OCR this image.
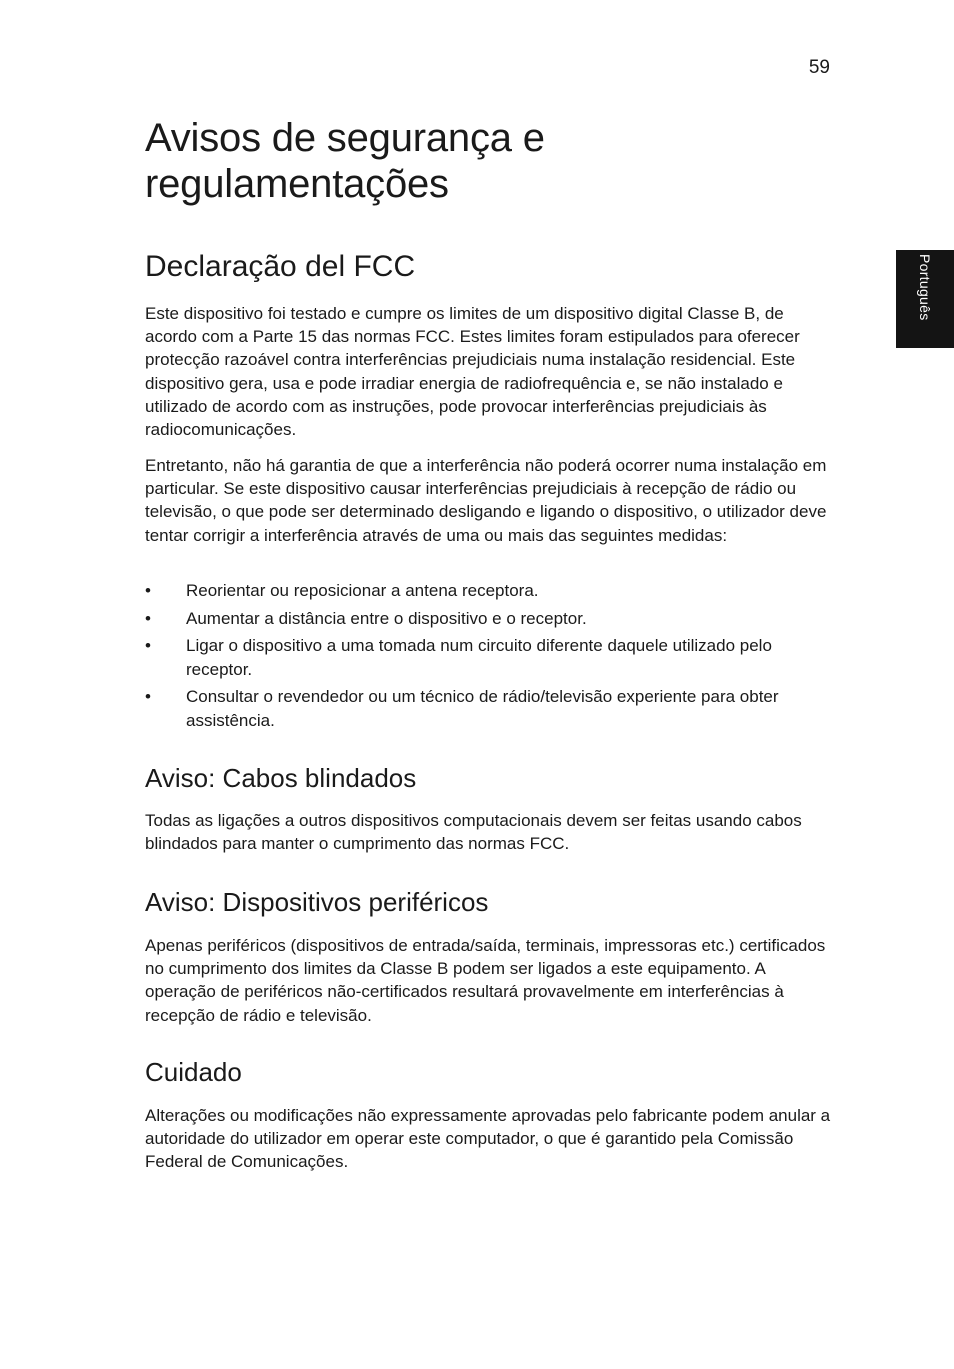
59
Português
Avisos de segurança e regulamentações
Declaração del FCC

Este dispositivo foi testado e cumpre os limites de um dispositivo digital Classe B, de acordo com a Parte 15 das normas FCC. Estes limites foram estipulados para oferecer protecção razoável contra interferências prejudiciais numa instalação residencial. Este dispositivo gera, usa e pode irradiar energia de radiofrequência e, se não instalado e utilizado de acordo com as instruções, pode provocar interferências prejudiciais às radiocomunicações.

Entretanto, não há garantia de que a interferência não poderá ocorrer numa instalação em particular. Se este dispositivo causar interferências prejudiciais à recepção de rádio ou televisão, o que pode ser determinado desligando e ligando o dispositivo, o utilizador deve tentar corrigir a interferência através de uma ou mais das seguintes medidas:

• Reorientar ou reposicionar a antena receptora.
• Aumentar a distância entre o dispositivo e o receptor.
• Ligar o dispositivo a uma tomada num circuito diferente daquele utilizado pelo receptor.
• Consultar o revendedor ou um técnico de rádio/televisão experiente para obter assistência.
Aviso: Cabos blindados

Todas as ligações a outros dispositivos computacionais devem ser feitas usando cabos blindados para manter o cumprimento das normas FCC.

Aviso: Dispositivos periféricos

Apenas periféricos (dispositivos de entrada/saída, terminais, impressoras etc.) certificados no cumprimento dos limites da Classe B podem ser ligados a este equipamento. A operação de periféricos não-certificados resultará provavelmente em interferências à recepção de rádio e televisão.

Cuidado

Alterações ou modificações não expressamente aprovadas pelo fabricante podem anular a autoridade do utilizador em operar este computador, o que é garantido pela Comissão Federal de Comunicações.
